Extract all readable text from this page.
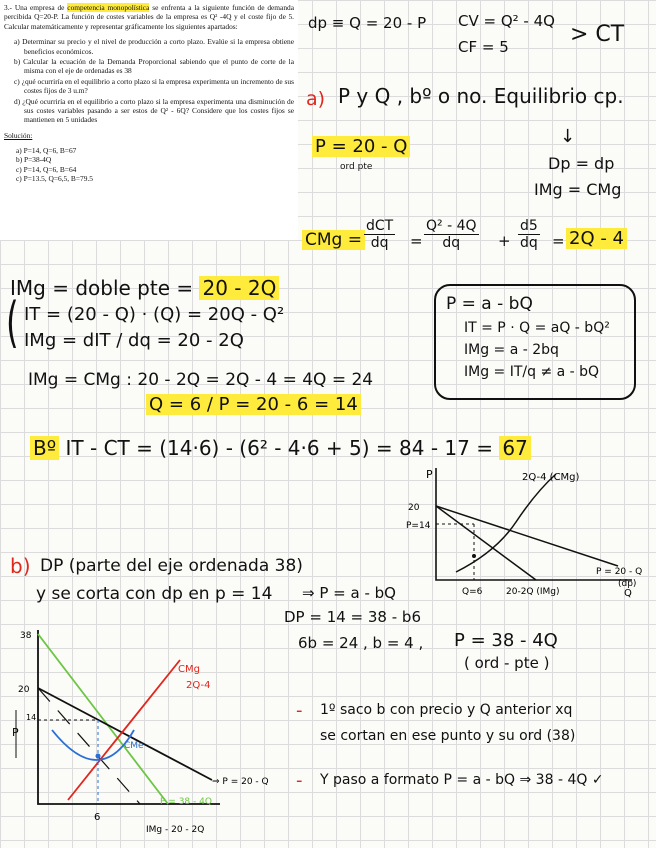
3.- Una empresa de competencia monopolística se enfrenta a la siguiente función de demanda percibida Q=20-P. La función de costes variables de la empresa es Q² -4Q y el coste fijo de 5. Calcular matemáticamente y representar gráficamente los siguientes apartados:

a) Determinar su precio y el nivel de producción a corto plazo. Evalúe si la empresa obtiene beneficios económicos.
b) Calcular la ecuación de la Demanda Proporcional sabiendo que el punto de corte de la misma con el eje de ordenadas es 38
c) ¿qué ocurriría en el equilibrio a corto plazo si la empresa experimenta un incremento de sus costes fijos de 3 u.m?
d) ¿Qué ocurriría en el equilibrio a corto plazo si la empresa experimenta una disminución de sus costes variables pasando a ser estos de Q² - 6Q? Considere que los costes fijos se mantienen en 5 unidades

Solución:

a) P=14, Q=6, B=67
b) P=38-4Q
c) P=14, Q=6, B=64
c) P=13.5, Q=6,5, B=79.5
dp ≡ Q = 20 - P CV = Q² - 4Q
CF = 5	> CT
a) P y Q , bº o no. Equilibrio cp.
↓
Dp = dp
IMg = CMg
P = 20 - Q
ord pte
CMg =
dCT
dq	=
Q² - 4Q
dq	+
d5
dq = 2Q - 4
IMg = doble pte = 20 - 2Q
( IT = (20 - Q) · (Q) = 20Q - Q²
IMg = dIT / dq = 20 - 2Q
P = a - bQ
IT = P · Q = aQ - bQ²
IMg = a - 2bq
IMg = IT/q ≠ a - bQ
IMg = CMg : 20 - 2Q = 2Q - 4 = 4Q = 24
Q = 6 / P = 20 - 6 = 14
Bº IT - CT = (14·6) - (6² - 4·6 + 5) = 84 - 17 = 67
P
Q
20
P=14
Q=6	20-2Q (IMg)
2Q-4 (CMg)
P = 20 - Q
(dp)
b) DP (parte del eje ordenada 38)
y se corta con dp en p = 14 ⇒ P = a - bQ
DP = 14 = 38 - b6
6b = 24 , b = 4 , P = 38 - 4Q
( ord - pte )
- 1º saco b con precio y Q anterior xq
se cortan en ese punto y su ord (38)
- Y paso a formato P = a - bQ ⇒ 38 - 4Q ✓
38
20
14
P
6
CMg
2Q-4
CMe
⇒ P = 20 - Q
P = 38 - 4Q
IMg - 20 - 2Q
